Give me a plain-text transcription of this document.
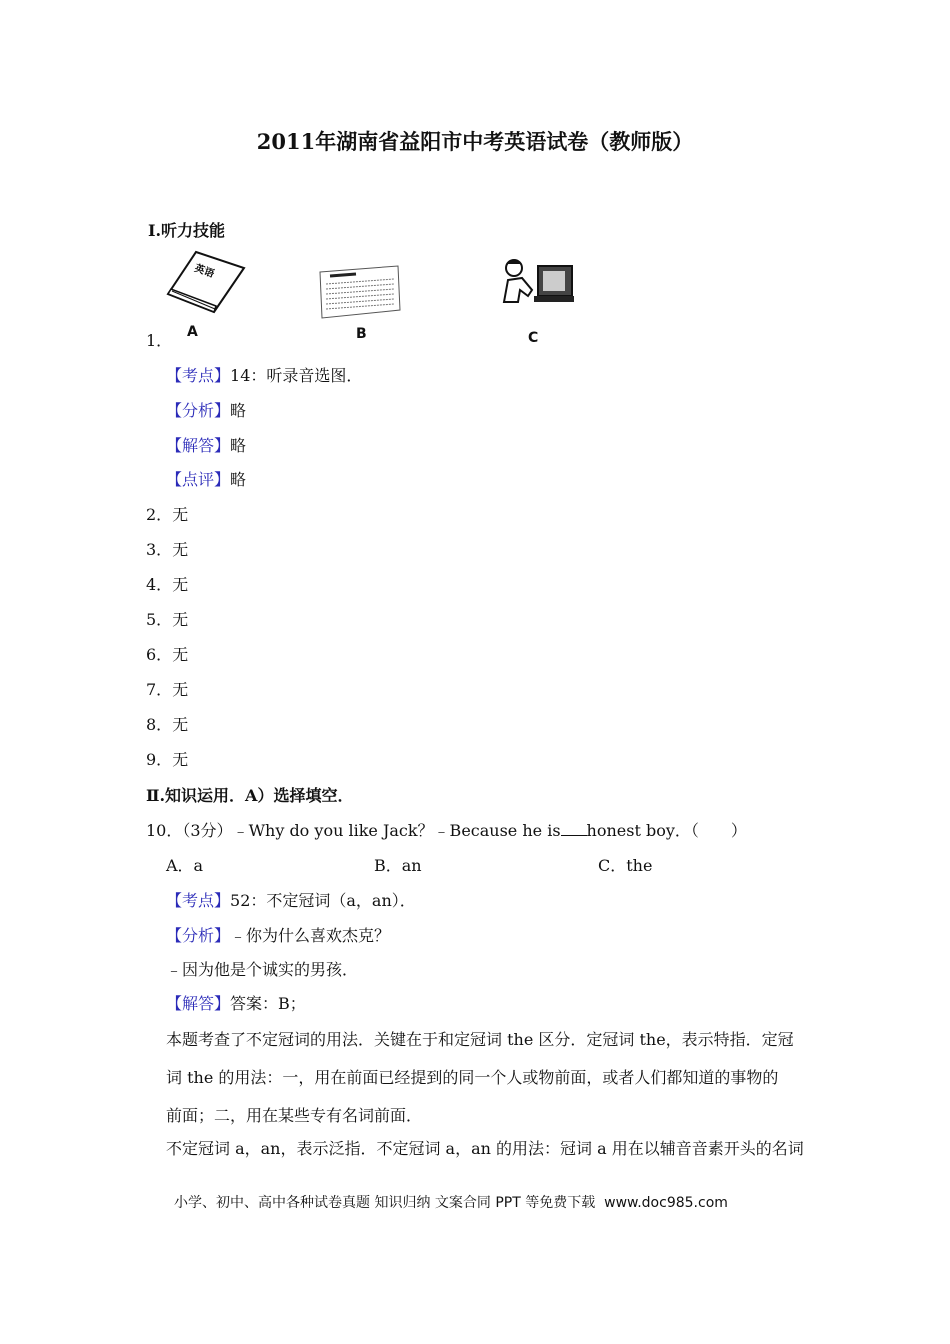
2011年湖南省益阳市中考英语试卷（教师版）
Ⅰ.听力技能
英语
A	B	C
1．
【考点】14：听录音选图．
【分析】略
【解答】略
【点评】略
2．无
3．无
4．无
5．无
6．无
7．无
8．无
9．无
Ⅱ.知识运用．A）选择填空．
10．（3分）﹣Why do you like Jack？﹣Because he is honest boy．（　　）
A．a	B．an	C．the
【考点】52：不定冠词（a，an）．
【分析】﹣你为什么喜欢杰克？
﹣因为他是个诚实的男孩．
【解答】答案：B；
本题考查了不定冠词的用法．关键在于和定冠词 the 区分．定冠词 the，表示特指．定冠
词 the 的用法：一，用在前面已经提到的同一个人或物前面，或者人们都知道的事物的
前面；二，用在某些专有名词前面．
不定冠词 a，an，表示泛指．不定冠词 a，an 的用法：冠词 a 用在以辅音音素开头的名词
小学、初中、高中各种试卷真题 知识归纳 文案合同 PPT 等免费下载 www.doc985.com
